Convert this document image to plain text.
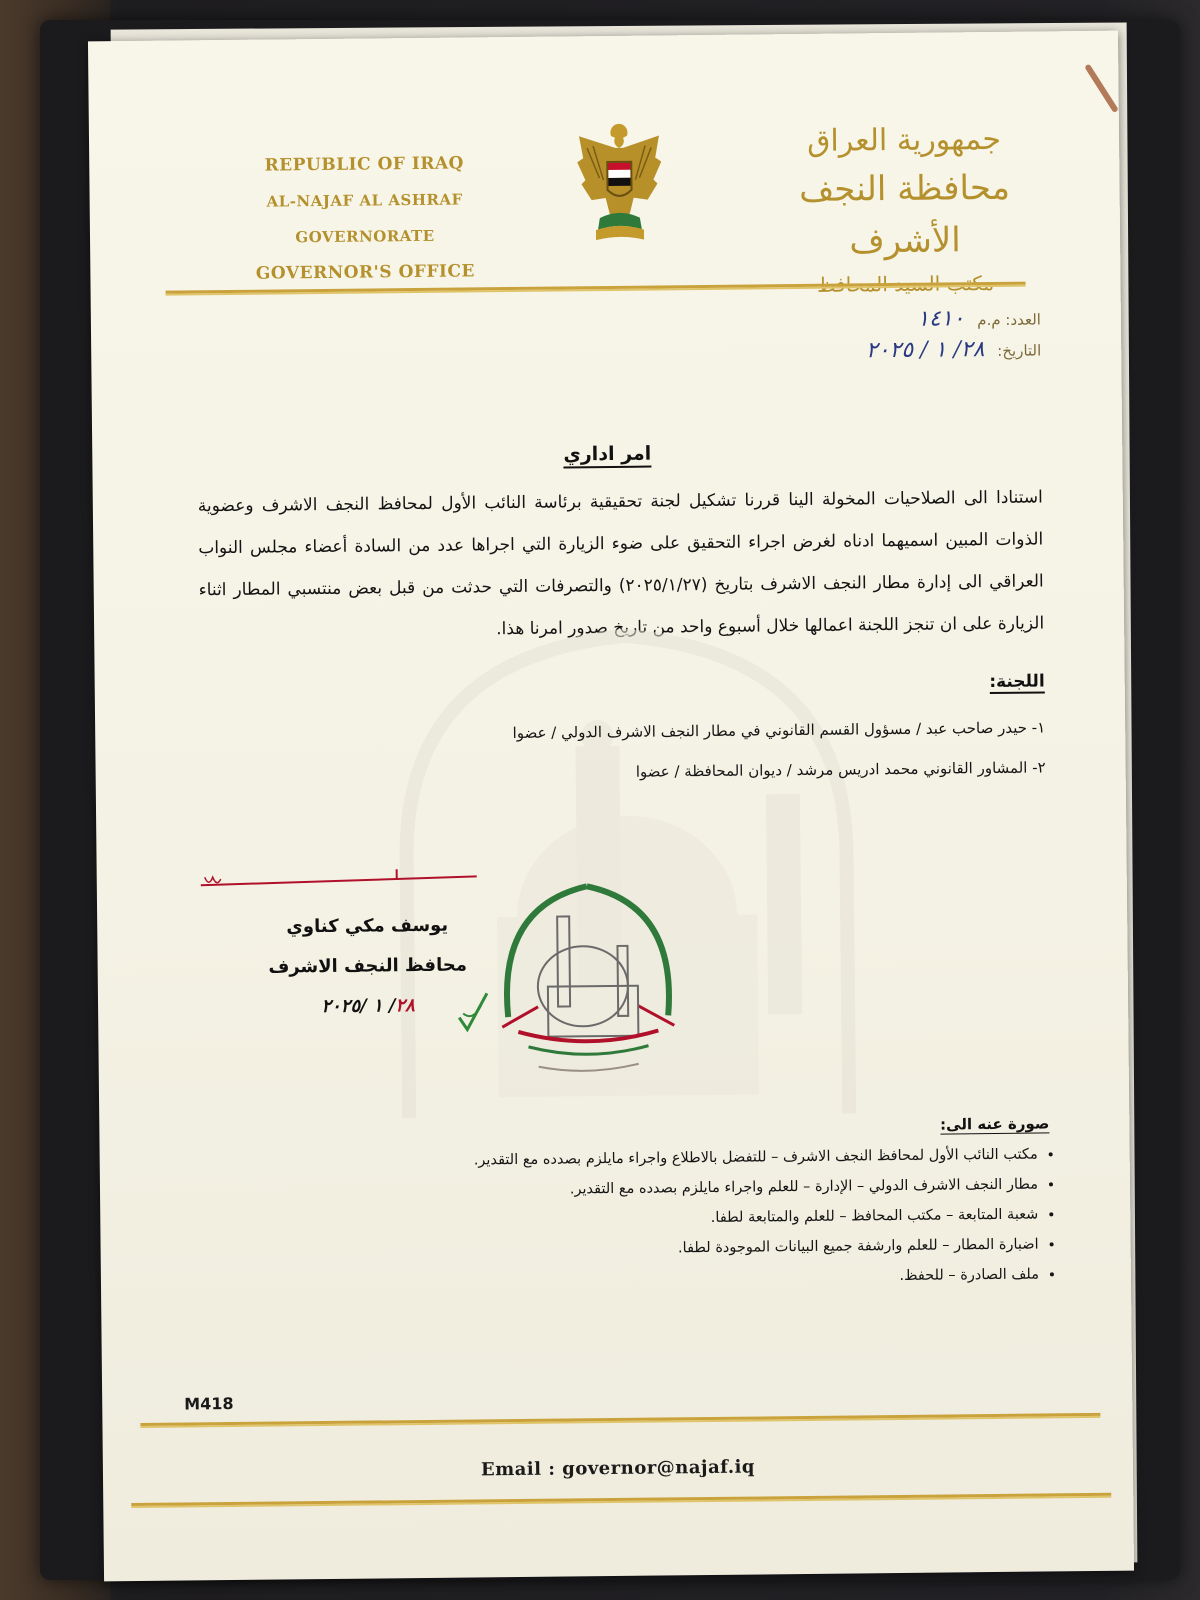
REPUBLIC OF IRAQ
AL-NAJAF AL ASHRAF GOVERNORATE
GOVERNOR'S OFFICE
جمهورية العراق
محافظة النجف الأشرف
مكتب السيد المحافظ
العدد: م.م ١٤١٠
التاريخ: ٢٨/ ١ / ٢٠٢٥
امر اداري
استنادا الى الصلاحيات المخولة الينا قررنا تشكيل لجنة تحقيقية برئاسة النائب الأول لمحافظ النجف الاشرف وعضوية الذوات المبين اسميهما ادناه لغرض اجراء التحقيق على ضوء الزيارة التي اجراها عدد من السادة أعضاء مجلس النواب العراقي الى إدارة مطار النجف الاشرف بتاريخ (٢٠٢٥/١/٢٧) والتصرفات التي حدثت من قبل بعض منتسبي المطار اثناء الزيارة على ان تنجز اللجنة اعمالها خلال أسبوع واحد من تاريخ صدور امرنا هذا.
اللجنة:
١- حيدر صاحب عبد / مسؤول القسم القانوني في مطار النجف الاشرف الدولي / عضوا
٢- المشاور القانوني محمد ادريس مرشد / ديوان المحافظة / عضوا
يوسف مكي كناوي
محافظ النجف الاشرف
٢٨/ ١ /٢٠٢٥
صورة عنه الى:
• مكتب النائب الأول لمحافظ النجف الاشرف – للتفضل بالاطلاع واجراء مايلزم بصدده مع التقدير.
• مطار النجف الاشرف الدولي – الإدارة – للعلم واجراء مايلزم بصدده مع التقدير.
• شعبة المتابعة – مكتب المحافظ – للعلم والمتابعة لطفا.
• اضبارة المطار – للعلم وارشفة جميع البيانات الموجودة لطفا.
• ملف الصادرة – للحفظ.
M418
Email : governor@najaf.iq
